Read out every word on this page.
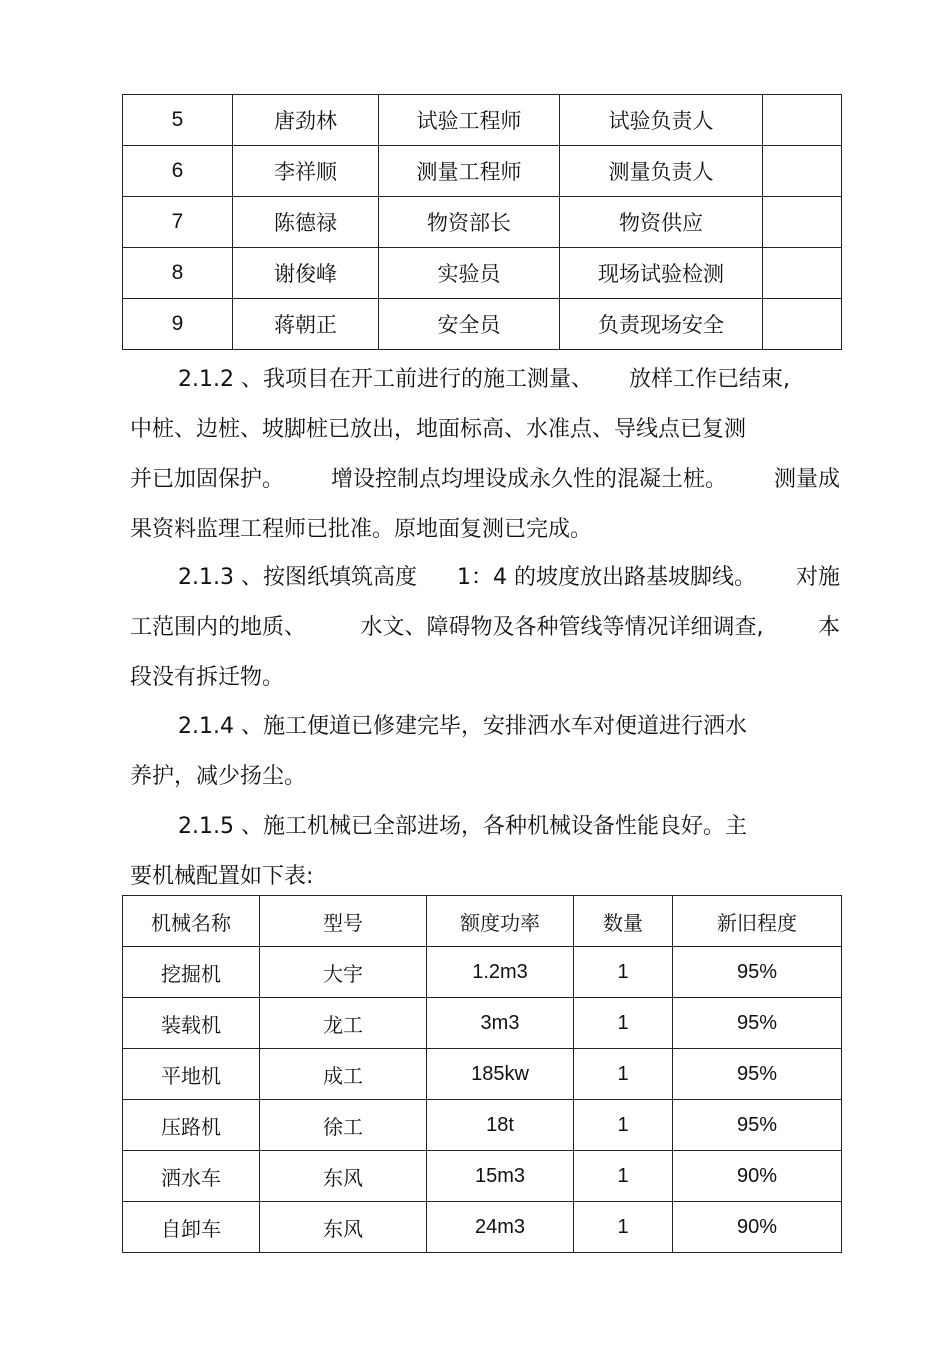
5	唐劲林	试验工程师	试验负责人	
6	李祥顺	测量工程师	测量负责人	
7	陈德禄	物资部长	物资供应	
8	谢俊峰	实验员	现场试验检测	
9	蒋朝正	安全员	负责现场安全	

2.1.2 、我项目在开工前进行的施工测量、 放样工作已结束,
中桩、边桩、坡脚桩已放出，地面标高、水准点、导线点已复测
并已加固保护。 增设控制点均埋设成永久性的混凝土桩。 测量成
果资料监理工程师已批准。原地面复测已完成。

2.1.3 、按图纸填筑高度 1：4 的坡度放出路基坡脚线。 对施
工范围内的地质、 水文、障碍物及各种管线等情况详细调查, 本
段没有拆迁物。

2.1.4 、施工便道已修建完毕，安排洒水车对便道进行洒水
养护，减少扬尘。

2.1.5 、施工机械已全部进场，各种机械设备性能良好。主
要机械配置如下表:

机械名称	型号	额度功率	数量	新旧程度
挖掘机	大宇	1.2m3	1	95%
装载机	龙工	3m3	1	95%
平地机	成工	185kw	1	95%
压路机	徐工	18t	1	95%
洒水车	东风	15m3	1	90%
自卸车	东风	24m3	1	90%
